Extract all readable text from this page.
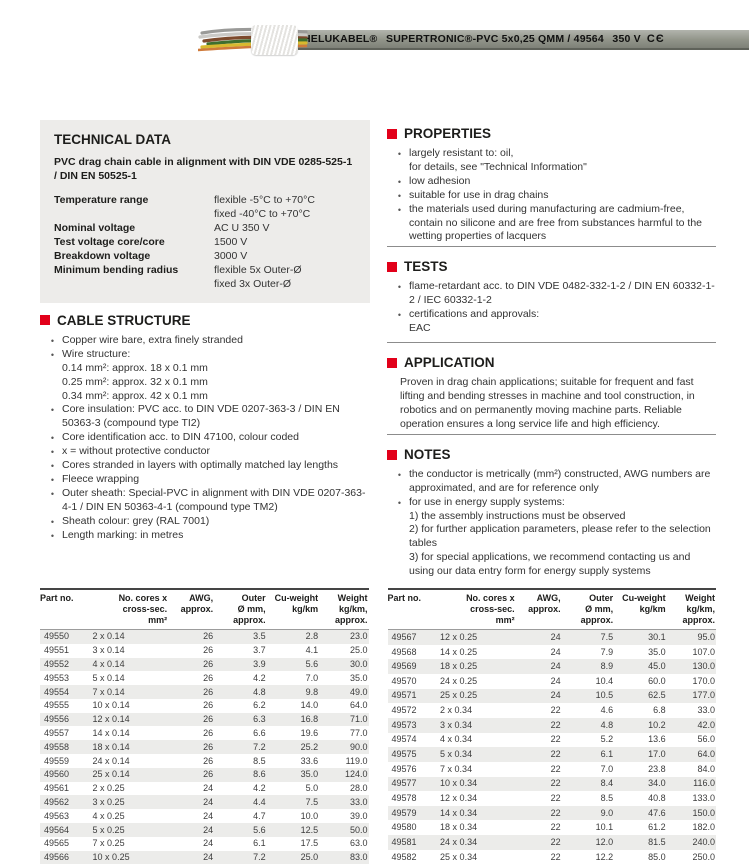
HELUKABEL®  SUPERTRONIC®-PVC 5x0,25 QMM / 49564  350 V CЄ
TECHNICAL DATA

PVC drag chain cable in alignment with DIN VDE 0285-525-1 / DIN EN 50525-1

Temperature range	flexible -5°C to +70°C
fixed -40°C to +70°C
Nominal voltage	AC U 350 V
Test voltage core/core	1500 V
Breakdown voltage	3000 V
Minimum bending radius	flexible 5x Outer-Ø
fixed 3x Outer-Ø
CABLE STRUCTURE
• Copper wire bare, extra finely stranded
• Wire structure:
0.14 mm²: approx. 18 x 0.1 mm
0.25 mm²: approx. 32 x 0.1 mm
0.34 mm²: approx. 42 x 0.1 mm
• Core insulation: PVC acc. to DIN VDE 0207-363-3 / DIN EN 50363-3 (compound type TI2)
• Core identification acc. to DIN 47100, colour coded
• x = without protective conductor
• Cores stranded in layers with optimally matched lay lengths
• Fleece wrapping
• Outer sheath: Special-PVC in alignment with DIN VDE 0207-363-4-1 / DIN EN 50363-4-1 (compound type TM2)
• Sheath colour: grey (RAL 7001)
• Length marking: in metres
PROPERTIES
• largely resistant to: oil,
for details, see "Technical Information"
• low adhesion
• suitable for use in drag chains
• the materials used during manufacturing are cadmium-free, contain no silicone and are free from substances harmful to the wetting properties of lacquers
TESTS
• flame-retardant acc. to DIN VDE 0482-332-1-2 / DIN EN 60332-1-2 / IEC 60332-1-2
• certifications and approvals:
EAC
APPLICATION

Proven in drag chain applications; suitable for frequent and fast lifting and bending stresses in machine and tool construction, in robotics and on permanently moving machine parts. Reliable operation ensures a long service life and high efficiency.

NOTES
• the conductor is metrically (mm²) constructed, AWG numbers are approximated, and are for reference only
• for use in energy supply systems:
1) the assembly instructions must be observed
2) for further application parameters, please refer to the selection tables
3) for special applications, we recommend contacting us and using our data entry form for energy supply systems
Part no.	No. cores x
cross-sec.
mm²

AWG,
approx.

Outer
Ø mm,
approx.

Cu-weight
kg/km

Weight
kg/km,
approx.

49550	2 x 0.14	26	3.5	2.8	23.0
49551	3 x 0.14	26	3.7	4.1	25.0
49552	4 x 0.14	26	3.9	5.6	30.0
49553	5 x 0.14	26	4.2	7.0	35.0
49554	7 x 0.14	26	4.8	9.8	49.0
49555	10 x 0.14	26	6.2	14.0	64.0
49556	12 x 0.14	26	6.3	16.8	71.0
49557	14 x 0.14	26	6.6	19.6	77.0
49558	18 x 0.14	26	7.2	25.2	90.0
49559	24 x 0.14	26	8.5	33.6	119.0
49560	25 x 0.14	26	8.6	35.0	124.0
49561	2 x 0.25	24	4.2	5.0	28.0
49562	3 x 0.25	24	4.4	7.5	33.0
49563	4 x 0.25	24	4.7	10.0	39.0
49564	5 x 0.25	24	5.6	12.5	50.0
49565	7 x 0.25	24	6.1	17.5	63.0
49566	10 x 0.25	24	7.2	25.0	83.0
Part no.	No. cores x
cross-sec.
mm²

AWG,
approx.

Outer
Ø mm,
approx.

Cu-weight
kg/km

Weight
kg/km,
approx.

49567	12 x 0.25	24	7.5	30.1	95.0
49568	14 x 0.25	24	7.9	35.0	107.0
49569	18 x 0.25	24	8.9	45.0	130.0
49570	24 x 0.25	24	10.4	60.0	170.0
49571	25 x 0.25	24	10.5	62.5	177.0
49572	2 x 0.34	22	4.6	6.8	33.0
49573	3 x 0.34	22	4.8	10.2	42.0
49574	4 x 0.34	22	5.2	13.6	56.0
49575	5 x 0.34	22	6.1	17.0	64.0
49576	7 x 0.34	22	7.0	23.8	84.0
49577	10 x 0.34	22	8.4	34.0	116.0
49578	12 x 0.34	22	8.5	40.8	133.0
49579	14 x 0.34	22	9.0	47.6	150.0
49580	18 x 0.34	22	10.1	61.2	182.0
49581	24 x 0.34	22	12.0	81.5	240.0
49582	25 x 0.34	22	12.2	85.0	250.0
